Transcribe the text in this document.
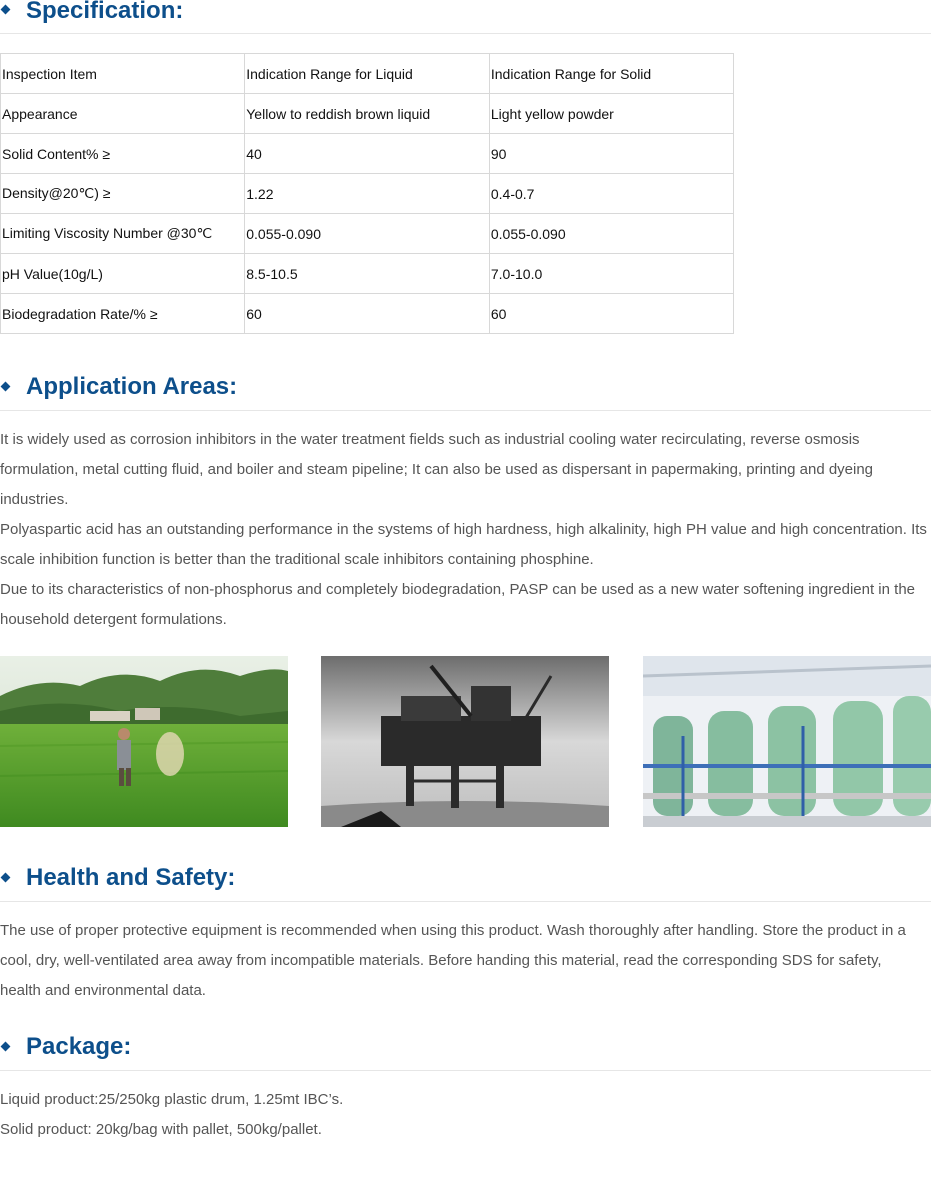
Specification:
Inspection Item	Indication Range for Liquid	Indication Range for Solid
Appearance	Yellow to reddish brown liquid	Light yellow powder
Solid Content% ≥	40	90
Density@20℃) ≥	1.22	0.4-0.7
Limiting Viscosity Number @30℃	0.055-0.090	0.055-0.090
pH Value(10g/L)	8.5-10.5	7.0-10.0
Biodegradation Rate/% ≥	60	60
Application Areas:

It is widely used as corrosion inhibitors in the water treatment fields such as industrial cooling water recirculating, reverse osmosis formulation, metal cutting fluid, and boiler and steam pipeline; It can also be used as dispersant in papermaking, printing and dyeing industries.

Polyaspartic acid has an outstanding performance in the systems of high hardness, high alkalinity, high PH value and high concentration. Its scale inhibition function is better than the traditional scale inhibitors containing phosphine.

Due to its characteristics of non-phosphorus and completely biodegradation, PASP can be used as a new water softening ingredient in the household detergent formulations.

Health and Safety:

The use of proper protective equipment is recommended when using this product. Wash thoroughly after handling. Store the product in a cool, dry, well-ventilated area away from incompatible materials. Before handing this material, read the corresponding SDS for safety, health and environmental data.

Package:

Liquid product:25/250kg plastic drum, 1.25mt IBC’s.

Solid product: 20kg/bag with pallet, 500kg/pallet.
